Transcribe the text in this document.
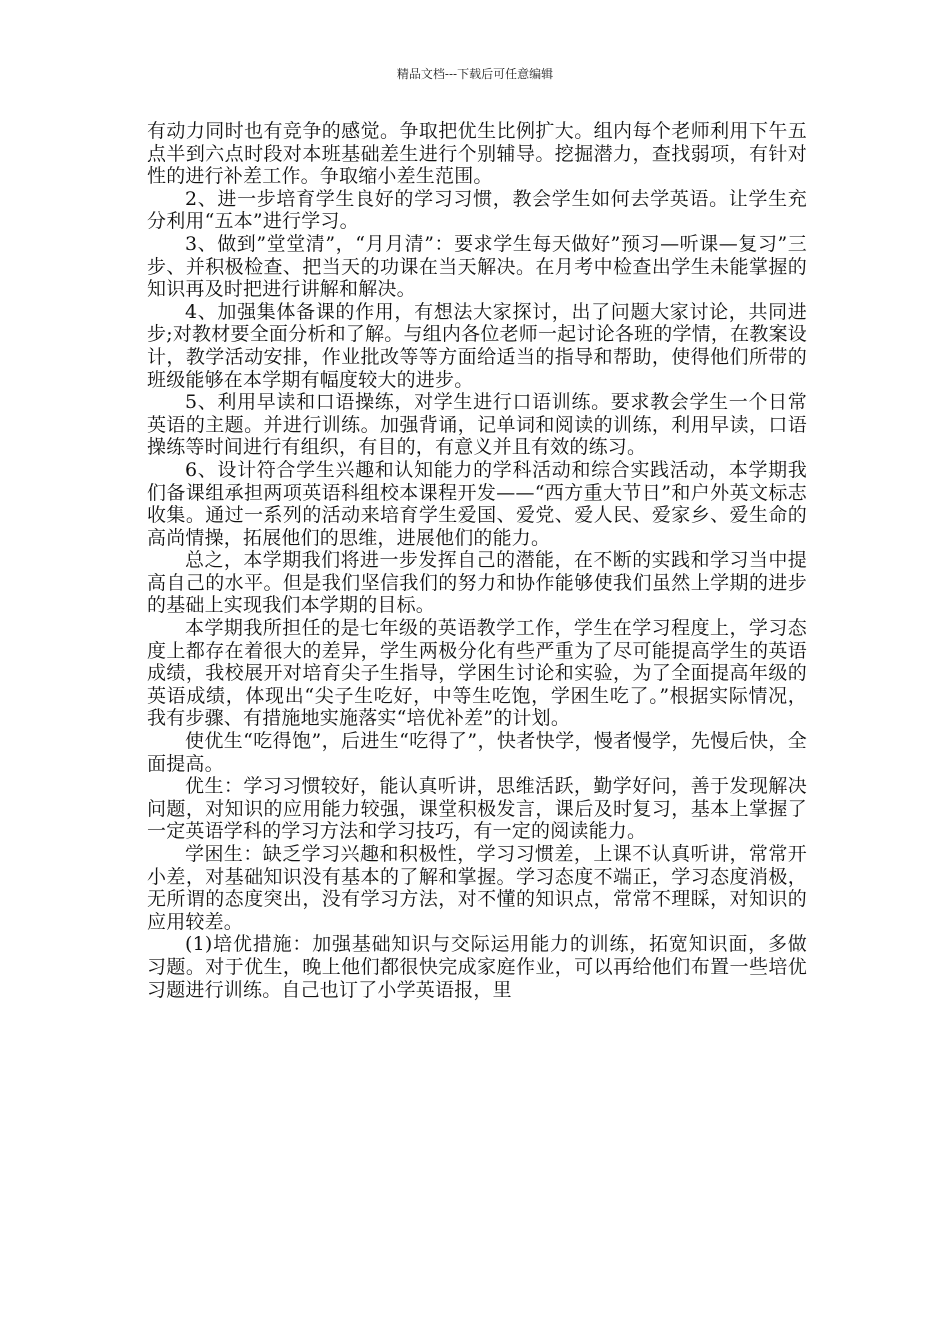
精品文档---下载后可任意编辑

有动力同时也有竞争的感觉。争取把优生比例扩大。组内每个老师利用下午五点半到六点时段对本班基础差生进行个别辅导。挖掘潜力，查找弱项，有针对性的进行补差工作。争取缩小差生范围。

2、进一步培育学生良好的学习习惯，教会学生如何去学英语。让学生充分利用“五本”进行学习。

3、做到”堂堂清”，“月月清”：要求学生每天做好”预习—听课—复习”三步、并积极检查、把当天的功课在当天解决。在月考中检查出学生未能掌握的知识再及时把进行讲解和解决。

4、加强集体备课的作用，有想法大家探讨，出了问题大家讨论，共同进步;对教材要全面分析和了解。与组内各位老师一起讨论各班的学情，在教案设计，教学活动安排，作业批改等等方面给适当的指导和帮助，使得他们所带的班级能够在本学期有幅度较大的进步。

5、利用早读和口语操练，对学生进行口语训练。要求教会学生一个日常英语的主题。并进行训练。加强背诵，记单词和阅读的训练，利用早读，口语操练等时间进行有组织，有目的，有意义并且有效的练习。

6、设计符合学生兴趣和认知能力的学科活动和综合实践活动，本学期我们备课组承担两项英语科组校本课程开发——“西方重大节日”和户外英文标志收集。通过一系列的活动来培育学生爱国、爱党、爱人民、爱家乡、爱生命的高尚情操，拓展他们的思维，进展他们的能力。

总之，本学期我们将进一步发挥自己的潜能，在不断的实践和学习当中提高自己的水平。但是我们坚信我们的努力和协作能够使我们虽然上学期的进步的基础上实现我们本学期的目标。

本学期我所担任的是七年级的英语教学工作，学生在学习程度上，学习态度上都存在着很大的差异，学生两极分化有些严重为了尽可能提高学生的英语成绩，我校展开对培育尖子生指导，学困生讨论和实验，为了全面提高年级的英语成绩，体现出“尖子生吃好，中等生吃饱，学困生吃了。”根据实际情况，我有步骤、有措施地实施落实“培优补差”的计划。

使优生“吃得饱”，后进生“吃得了”，快者快学，慢者慢学，先慢后快，全面提高。

优生：学习习惯较好，能认真听讲，思维活跃，勤学好问，善于发现解决问题，对知识的应用能力较强，课堂积极发言，课后及时复习，基本上掌握了一定英语学科的学习方法和学习技巧，有一定的阅读能力。

学困生：缺乏学习兴趣和积极性，学习习惯差，上课不认真听讲，常常开小差，对基础知识没有基本的了解和掌握。学习态度不端正，学习态度消极，无所谓的态度突出，没有学习方法，对不懂的知识点，常常不理睬，对知识的应用较差。

(1)培优措施：加强基础知识与交际运用能力的训练，拓宽知识面，多做习题。对于优生，晚上他们都很快完成家庭作业，可以再给他们布置一些培优习题进行训练。自己也订了小学英语报，里
